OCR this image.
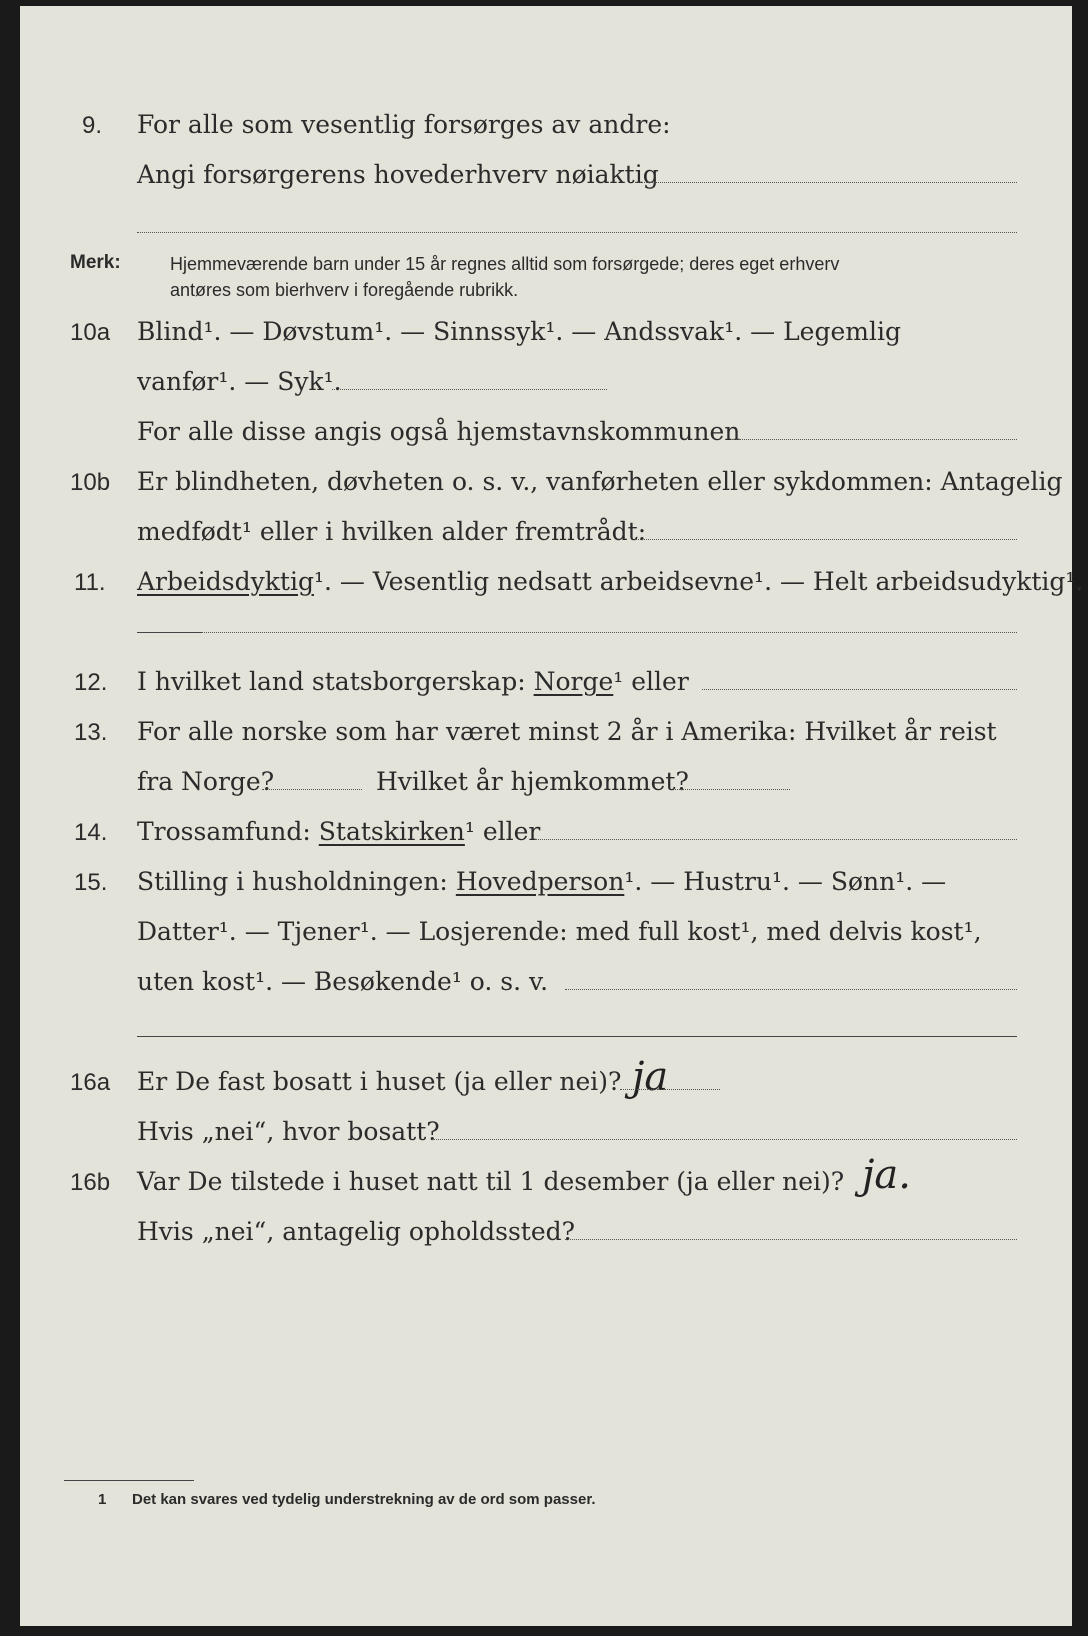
9. For alle som vesentlig forsørges av andre:
Angi forsørgerens hovederhverv nøiaktig
Merk:	Hjemmeværende barn under 15 år regnes alltid som forsørgede; deres eget erhverv
antøres som bierhverv i foregående rubrikk.
10a Blind¹. — Døvstum¹. — Sinnssyk¹. — Andssvak¹. — Legemlig
vanfør¹. — Syk¹.
For alle disse angis også hjemstavnskommunen
10b Er blindheten, døvheten o. s. v., vanførheten eller sykdommen: Antagelig
medfødt¹ eller i hvilken alder fremtrådt:
11. Arbeidsdyktig¹. — Vesentlig nedsatt arbeidsevne¹. — Helt arbeidsudyktig¹.
12. I hvilket land statsborgerskap: Norge¹ eller
13. For alle norske som har været minst 2 år i Amerika: Hvilket år reist
fra Norge?	Hvilket år hjemkommet?
14. Trossamfund: Statskirken¹ eller
15. Stilling i husholdningen: Hovedperson¹. — Hustru¹. — Sønn¹. —
Datter¹. — Tjener¹. — Losjerende: med full kost¹, med delvis kost¹,
uten kost¹. — Besøkende¹ o. s. v.
16a Er De fast bosatt i huset (ja eller nei)? ja
Hvis „nei“, hvor bosatt?
16b Var De tilstede i huset natt til 1 desember (ja eller nei)? ja.
Hvis „nei“, antagelig opholdssted?
1 Det kan svares ved tydelig understrekning av de ord som passer.
